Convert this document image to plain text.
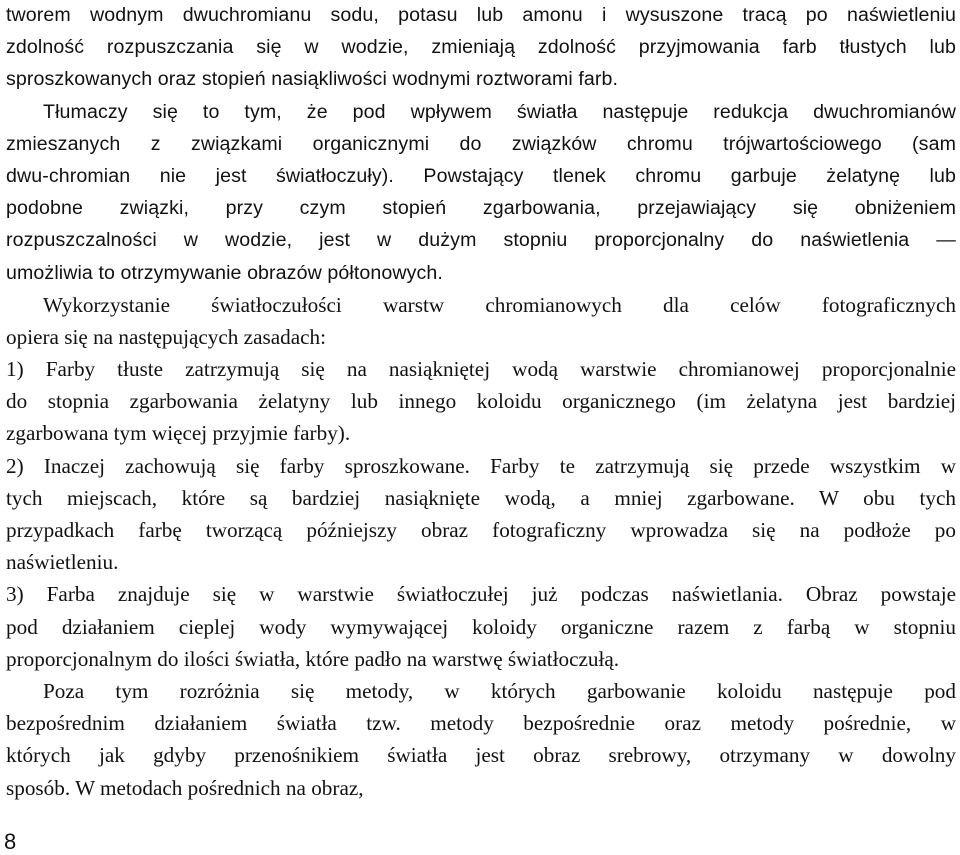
tworem wodnym dwuchromianu sodu, potasu lub amonu i wysuszone tracą po naświetleniu
zdolność rozpuszczania się w wodzie, zmieniają zdolność przyjmowania farb tłustych lub
sproszkowanych oraz stopień nasiąkliwości wodnymi roztworami farb.
Tłumaczy się to tym, że pod wpływem światła następuje redukcja dwuchromianów
zmieszanych z związkami organicznymi do związków chromu trójwartościowego (sam
dwu-chromian nie jest światłoczuły). Powstający tlenek chromu garbuje żelatynę lub
podobne związki, przy czym stopień zgarbowania, przejawiający się obniżeniem
rozpuszczalności w wodzie, jest w dużym stopniu proporcjonalny do naświetlenia —
umożliwia to otrzymywanie obrazów półtonowych.
Wykorzystanie światłoczułości warstw chromianowych dla celów fotograficznych
opiera się na następujących zasadach:
1) Farby tłuste zatrzymują się na nasiąkniętej wodą warstwie chromianowej proporcjonalnie
do stopnia zgarbowania żelatyny lub innego koloidu organicznego (im żelatyna jest bardziej
zgarbowana tym więcej przyjmie farby).
2) Inaczej zachowują się farby sproszkowane. Farby te zatrzymują się przede wszystkim w
tych miejscach, które są bardziej nasiąknięte wodą, a mniej zgarbowane. W obu tych
przypadkach farbę tworzącą późniejszy obraz fotograficzny wprowadza się na podłoże po
naświetleniu.
3) Farba znajduje się w warstwie światłoczułej już podczas naświetlania. Obraz powstaje
pod działaniem cieplej wody wymywającej koloidy organiczne razem z farbą w stopniu
proporcjonalnym do ilości światła, które padło na warstwę światłoczułą.
Poza tym rozróżnia się metody, w których garbowanie koloidu następuje pod
bezpośrednim działaniem światła tzw. metody bezpośrednie oraz metody pośrednie, w
których jak gdyby przenośnikiem światła jest obraz srebrowy, otrzymany w dowolny
sposób. W metodach pośrednich na obraz,
8
